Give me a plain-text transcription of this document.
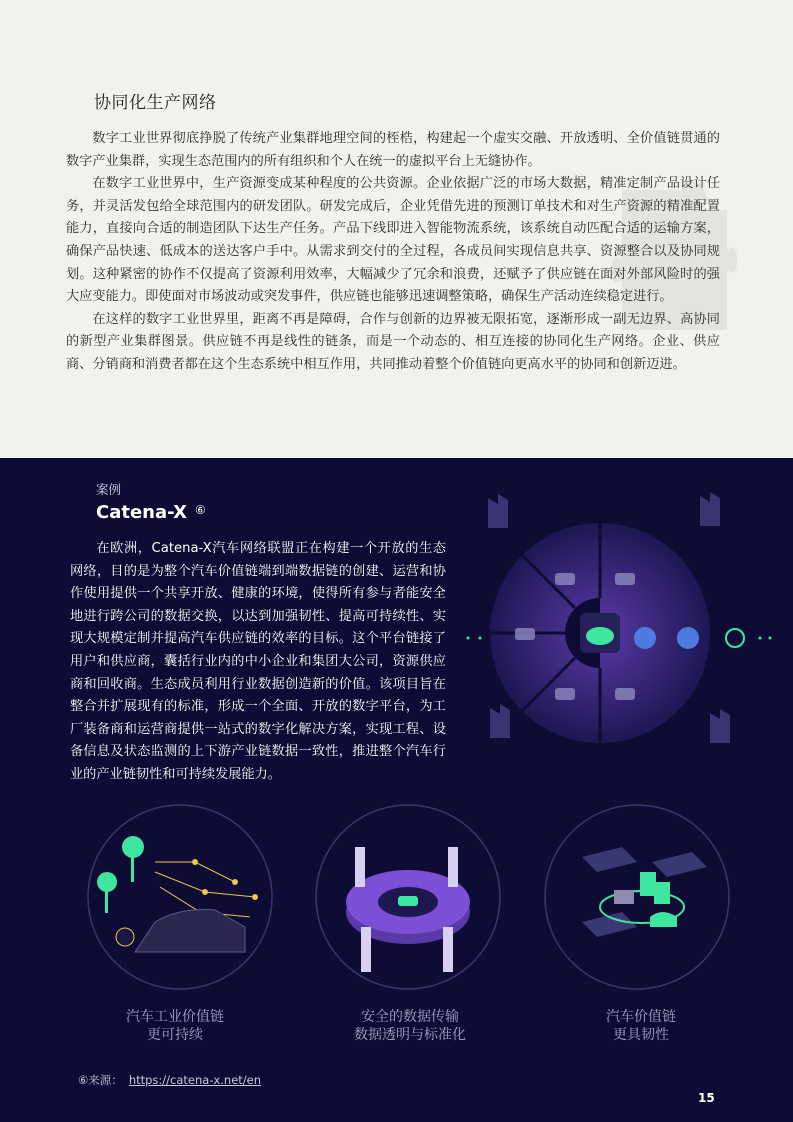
协同化生产网络

数字工业世界彻底挣脱了传统产业集群地理空间的桎梏，构建起一个虚实交融、开放透明、全价值链贯通的数字产业集群，实现生态范围内的所有组织和个人在统一的虚拟平台上无缝协作。

在数字工业世界中，生产资源变成某种程度的公共资源。企业依据广泛的市场大数据，精准定制产品设计任务，并灵活发包给全球范围内的研发团队。研发完成后，企业凭借先进的预测订单技术和对生产资源的精准配置能力，直接向合适的制造团队下达生产任务。产品下线即进入智能物流系统，该系统自动匹配合适的运输方案，确保产品快速、低成本的送达客户手中。从需求到交付的全过程，各成员间实现信息共享、资源整合以及协同规划。这种紧密的协作不仅提高了资源利用效率，大幅减少了冗余和浪费，还赋予了供应链在面对外部风险时的强大应变能力。即使面对市场波动或突发事件，供应链也能够迅速调整策略，确保生产活动连续稳定进行。

在这样的数字工业世界里，距离不再是障碍，合作与创新的边界被无限拓宽，逐渐形成一副无边界、高协同的新型产业集群图景。供应链不再是线性的链条，而是一个动态的、相互连接的协同化生产网络。企业、供应商、分销商和消费者都在这个生态系统中相互作用，共同推动着整个价值链向更高水平的协同和创新迈进。

案例
Catena-X ⑥

在欧洲，Catena-X汽车网络联盟正在构建一个开放的生态网络，目的是为整个汽车价值链端到端数据链的创建、运营和协作使用提供一个共享开放、健康的环境，使得所有参与者能安全地进行跨公司的数据交换，以达到加强韧性、提高可持续性、实现大规模定制并提高汽车供应链的效率的目标。这个平台链接了用户和供应商，囊括行业内的中小企业和集团大公司，资源供应商和回收商。生态成员利用行业数据创造新的价值。该项目旨在整合并扩展现有的标准，形成一个全面、开放的数字平台，为工厂装备商和运营商提供一站式的数字化解决方案，实现工程、设备信息及状态监测的上下游产业链数据一致性，推进整个汽车行业的产业链韧性和可持续发展能力。

汽车工业价值链
更可持续
安全的数据传输
数据透明与标准化
汽车价值链
更具韧性
⑥来源： https://catena-x.net/en
15
